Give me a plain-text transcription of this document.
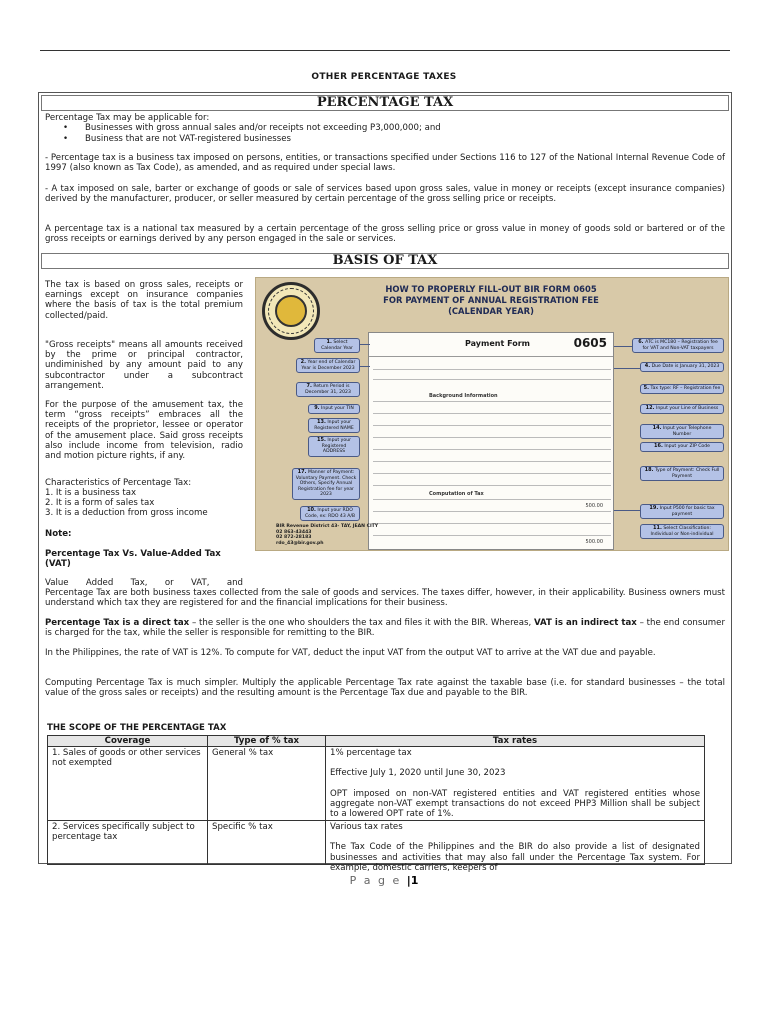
OTHER PERCENTAGE TAXES
PERCENTAGE TAX
Percentage Tax may be applicable for:
• Businesses with gross annual sales and/or receipts not exceeding P3,000,000; and
• Business that are not VAT-registered businesses
- Percentage tax is a business tax imposed on persons, entities, or transactions specified under Sections 116 to 127 of the National Internal Revenue Code of 1997 (also known as Tax Code), as amended, and as required under special laws.
- A tax imposed on sale, barter or exchange of goods or sale of services based upon gross sales, value in money or receipts (except insurance companies) derived by the manufacturer, producer, or seller measured by certain percentage of the gross selling price or receipts.
A percentage tax is a national tax measured by a certain percentage of the gross selling price or gross value in money of goods sold or bartered or of the gross receipts or earnings derived by any person engaged in the sale or services.
BASIS OF TAX
The tax is based on gross sales, receipts or earnings except on insurance companies where the basis of tax is the total premium collected/paid.
"Gross receipts" means all amounts received by the prime or principal contractor, undiminished by any amount paid to any subcontractor under a subcontract arrangement.
For the purpose of the amusement tax, the term “gross receipts” embraces all the receipts of the proprietor, lessee or operator of the amusement place. Said gross receipts also include income from television, radio and motion picture rights, if any.
Characteristics of Percentage Tax:
1. It is a business tax
2. It is a form of sales tax
3. It is a deduction from gross income
Note:
Percentage Tax Vs. Value-Added Tax (VAT)
Value Added Tax, or VAT, and
Percentage Tax are both business taxes collected from the sale of goods and services. The taxes differ, however, in their applicability. Business owners must understand which tax they are registered for and the financial implications for their business.
Percentage Tax is a direct tax – the seller is the one who shoulders the tax and files it with the BIR. Whereas, VAT is an indirect tax – the end consumer is charged for the tax, while the seller is responsible for remitting to the BIR.
In the Philippines, the rate of VAT is 12%. To compute for VAT, deduct the input VAT from the output VAT to arrive at the VAT due and payable.
Computing Percentage Tax is much simpler. Multiply the applicable Percentage Tax rate against the taxable base (i.e. for standard businesses – the total value of the gross sales or receipts) and the resulting amount is the Percentage Tax due and payable to the BIR.
HOW TO PROPERLY FILL-OUT BIR FORM 0605
FOR PAYMENT OF ANNUAL REGISTRATION FEE
(CALENDAR YEAR)
Payment Form	0605
Background Information
Computation of Tax
500.00
500.00
1. Select Calendar Year
2. Year end of Calendar Year is December 2023
7. Return Period is December 31, 2023
9. Input your TIN
13. Input your Registered NAME
15. Input your Registered ADDRESS
17. Manner of Payment: Voluntary Payment. Check Others, Specify Annual Registration fee for year 2023
10. Input your RDO Code, ex: RDO 43 A/B
6. ATC is MC180 – Registration fee for VAT and Non-VAT taxpayers
4. Due Date is January 31, 2023
5. Tax type: RF – Registration fee
12. Input your Line of Business
14. Input your Telephone Number
16. Input your ZIP Code
18. Type of Payment: Check Full Payment
19. Input P500 for basic tax payment
11. Select Classification: Individual or Non-individual
BIR Revenue District 43- TAY, JEAN CITY
02 863-43443
02 872-28183
rdo_43@bir.gov.ph
THE SCOPE OF THE PERCENTAGE TAX
Coverage	Type of % tax	Tax rates
1. Sales of goods or other services not exempted	General % tax	1% percentage tax
Effective July 1, 2020 until June 30, 2023
OPT imposed on non-VAT registered entities and VAT registered entities whose aggregate non-VAT exempt transactions do not exceed PHP3 Million shall be subject to a lowered OPT rate of 1%.

2. Services specifically subject to percentage tax	Specific % tax	Various tax rates
The Tax Code of the Philippines and the BIR do also provide a list of designated businesses and activities that may also fall under the Percentage Tax system. For example, domestic carriers, keepers of
P a g e |1
